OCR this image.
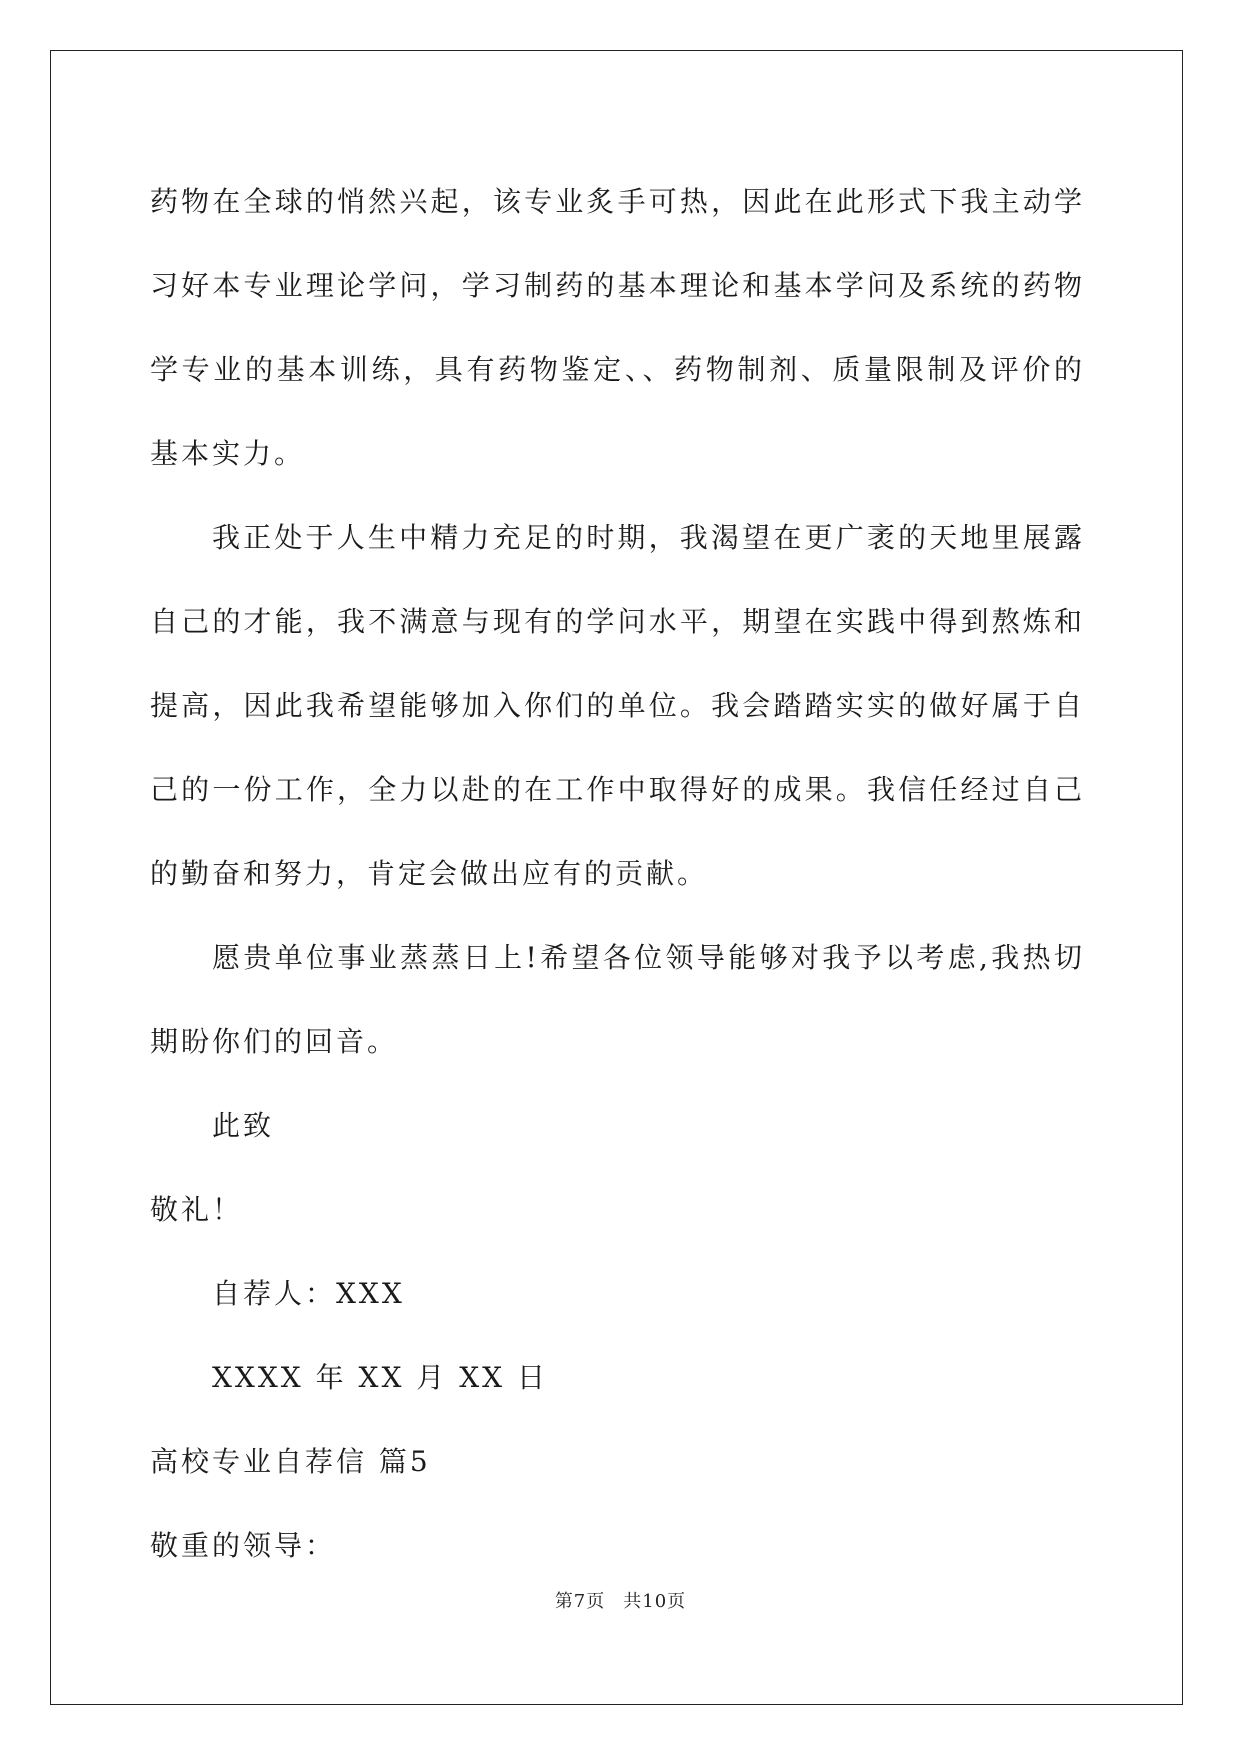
药物在全球的悄然兴起，该专业炙手可热，因此在此形式下我主动学习好本专业理论学问，学习制药的基本理论和基本学问及系统的药物学专业的基本训练，具有药物鉴定、、药物制剂、质量限制及评价的基本实力。

我正处于人生中精力充足的时期，我渴望在更广袤的天地里展露自己的才能，我不满意与现有的学问水平，期望在实践中得到熬炼和提高，因此我希望能够加入你们的单位。我会踏踏实实的做好属于自己的一份工作，全力以赴的在工作中取得好的成果。我信任经过自己的勤奋和努力，肯定会做出应有的贡献。

愿贵单位事业蒸蒸日上!希望各位领导能够对我予以考虑,我热切期盼你们的回音。

此致

敬礼！

自荐人：XXX

XXXX 年 XX 月 XX 日

高校专业自荐信 篇5

敬重的领导：

第7页 共10页
